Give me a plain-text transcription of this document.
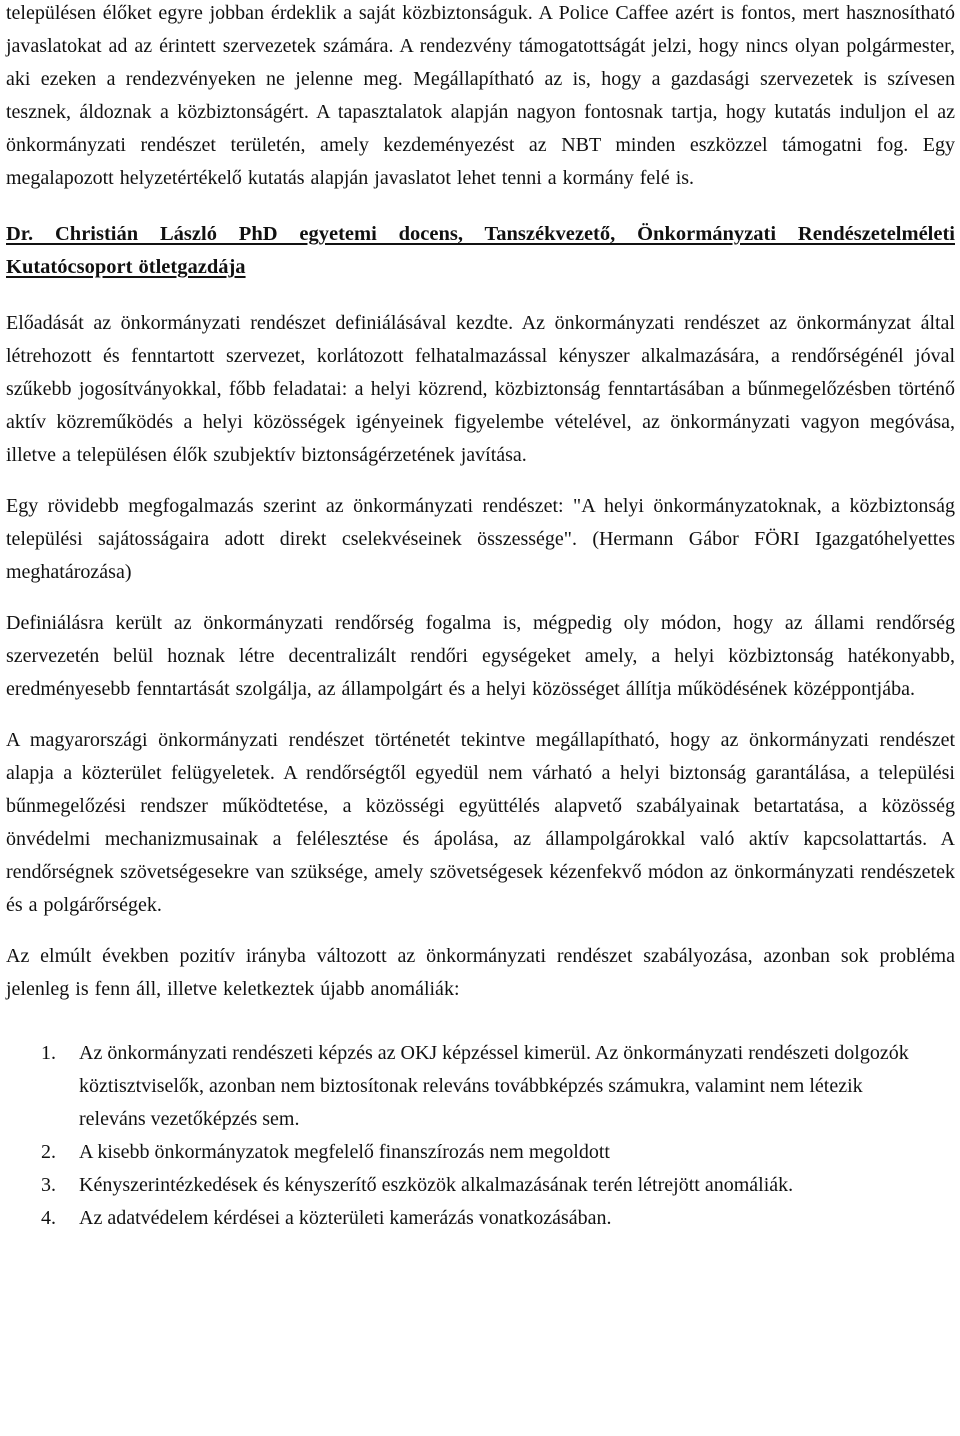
településen élőket egyre jobban érdeklik a saját közbiztonságuk. A Police Caffee azért is fontos, mert hasznosítható javaslatokat ad az érintett szervezetek számára. A rendezvény támogatottságát jelzi, hogy nincs olyan polgármester, aki ezeken a rendezvényeken ne jelenne meg. Megállapítható az is, hogy a gazdasági szervezetek is szívesen tesznek, áldoznak a közbiztonságért. A tapasztalatok alapján nagyon fontosnak tartja, hogy kutatás induljon el az önkormányzati rendészet területén, amely kezdeményezést az NBT minden eszközzel támogatni fog. Egy megalapozott helyzetértékelő kutatás alapján javaslatot lehet tenni a kormány felé is.

Dr. Christián László PhD egyetemi docens, Tanszékvezető, Önkormányzati Rendészetelméleti Kutatócsoport ötletgazdája

Előadását az önkormányzati rendészet definiálásával kezdte. Az önkormányzati rendészet az önkormányzat által létrehozott és fenntartott szervezet, korlátozott felhatalmazással kényszer alkalmazására, a rendőrségénél jóval szűkebb jogosítványokkal, főbb feladatai: a helyi közrend, közbiztonság fenntartásában a bűnmegelőzésben történő aktív közreműködés a helyi közösségek igényeinek figyelembe vételével, az önkormányzati vagyon megóvása, illetve a településen élők szubjektív biztonságérzetének javítása.

Egy rövidebb megfogalmazás szerint az önkormányzati rendészet: "A helyi önkormányzatoknak, a közbiztonság települési sajátosságaira adott direkt cselekvéseinek összessége". (Hermann Gábor FÖRI Igazgatóhelyettes meghatározása)

Definiálásra került az önkormányzati rendőrség fogalma is, mégpedig oly módon, hogy az állami rendőrség szervezetén belül hoznak létre decentralizált rendőri egységeket amely, a helyi közbiztonság hatékonyabb, eredményesebb fenntartását szolgálja, az állampolgárt és a helyi közösséget állítja működésének középpontjába.

A magyarországi önkormányzati rendészet történetét tekintve megállapítható, hogy az önkormányzati rendészet alapja a közterület felügyeletek. A rendőrségtől egyedül nem várható a helyi biztonság garantálása, a települési bűnmegelőzési rendszer működtetése, a közösségi együttélés alapvető szabályainak betartatása, a közösség önvédelmi mechanizmusainak a felélesztése és ápolása, az állampolgárokkal való aktív kapcsolattartás. A rendőrségnek szövetségesekre van szüksége, amely szövetségesek kézenfekvő módon az önkormányzati rendészetek és a polgárőrségek.

Az elmúlt években pozitív irányba változott az önkormányzati rendészet szabályozása, azonban sok probléma jelenleg is fenn áll, illetve keletkeztek újabb anomáliák:

1. Az önkormányzati rendészeti képzés az OKJ képzéssel kimerül. Az önkormányzati rendészeti dolgozók köztisztviselők, azonban nem biztosítonak releváns továbbképzés számukra, valamint nem létezik releváns vezetőképzés sem.
2. A kisebb önkormányzatok megfelelő finanszírozás nem megoldott
3. Kényszerintézkedések és kényszerítő eszközök alkalmazásának terén létrejött anomáliák.
4. Az adatvédelem kérdései a közterületi kamerázás vonatkozásában.
